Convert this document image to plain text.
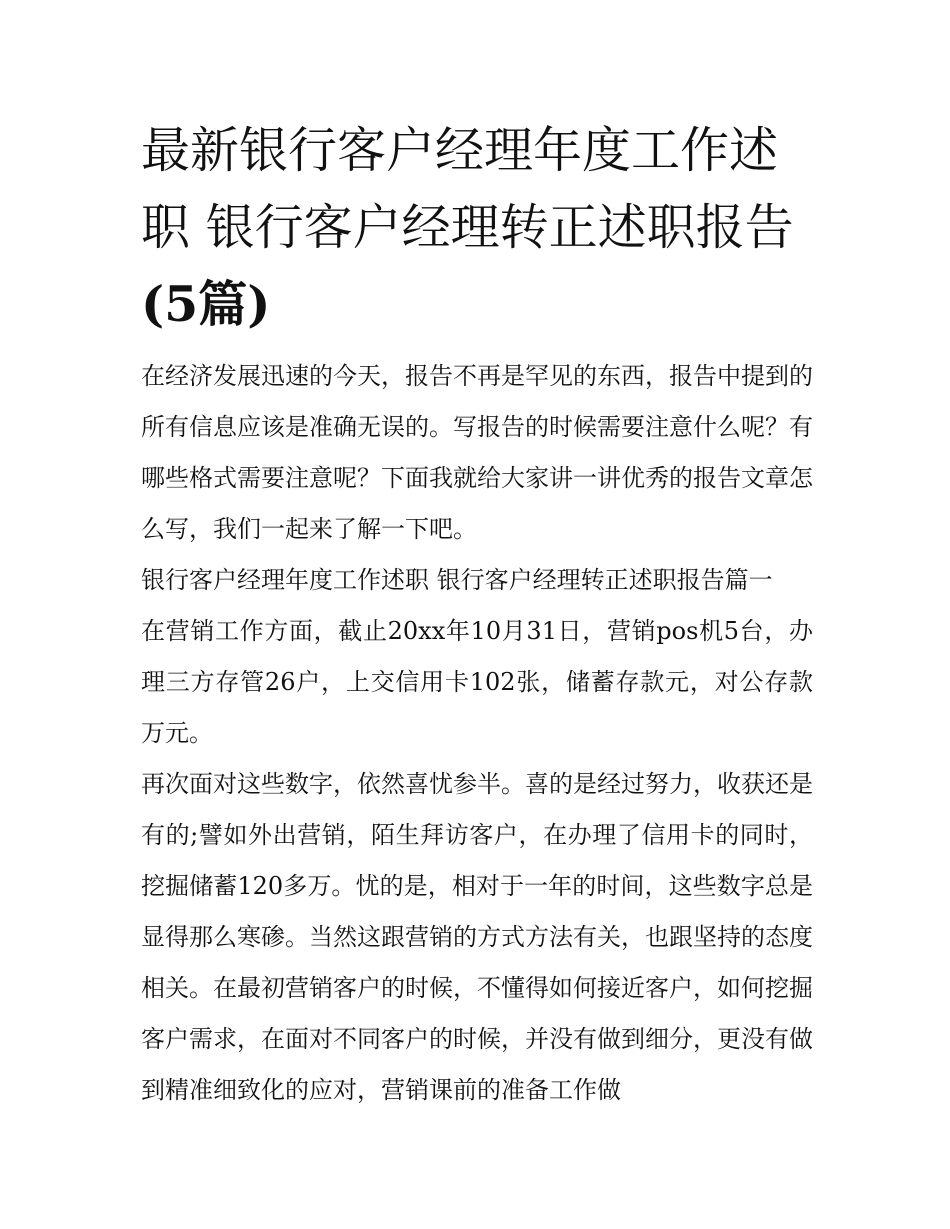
最新银行客户经理年度工作述职 银行客户经理转正述职报告
(5篇)

在经济发展迅速的今天，报告不再是罕见的东西，报告中提到的所有信息应该是准确无误的。写报告的时候需要注意什么呢？有哪些格式需要注意呢？下面我就给大家讲一讲优秀的报告文章怎么写，我们一起来了解一下吧。

银行客户经理年度工作述职 银行客户经理转正述职报告篇一

在营销工作方面，截止20xx年10月31日，营销pos机5台，办理三方存管26户，上交信用卡102张，储蓄存款元，对公存款万元。

再次面对这些数字，依然喜忧参半。喜的是经过努力，收获还是有的;譬如外出营销，陌生拜访客户，在办理了信用卡的同时，挖掘储蓄120多万。忧的是，相对于一年的时间，这些数字总是显得那么寒碜。当然这跟营销的方式方法有关，也跟坚持的态度相关。在最初营销客户的时候，不懂得如何接近客户，如何挖掘客户需求，在面对不同客户的时候，并没有做到细分，更没有做到精准细致化的应对，营销课前的准备工作做
